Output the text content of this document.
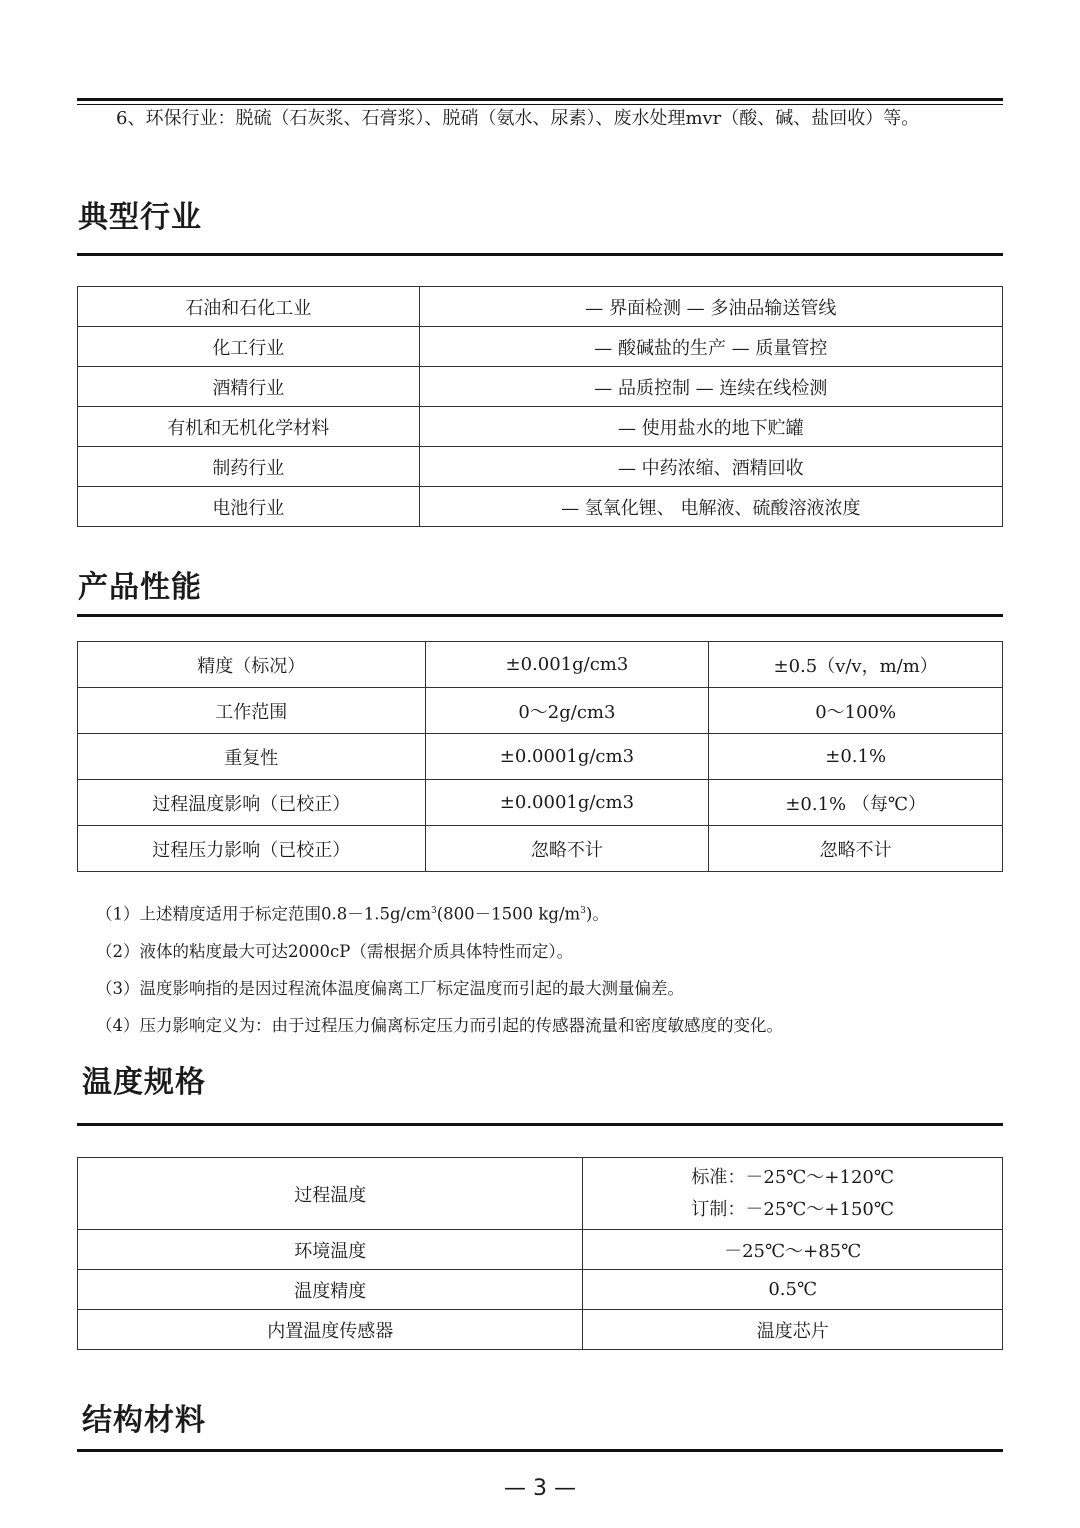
6、环保行业：脱硫（石灰浆、石膏浆）、脱硝（氨水、尿素）、废水处理mvr（酸、碱、盐回收）等。
典型行业
石油和石化工业	— 界面检测 — 多油品输送管线
化工行业	— 酸碱盐的生产 — 质量管控
酒精行业	— 品质控制 — 连续在线检测
有机和无机化学材料	— 使用盐水的地下贮罐
制药行业	— 中药浓缩、酒精回收
电池行业	— 氢氧化锂、 电解液、硫酸溶液浓度
产品性能
精度（标况）	±0.001g/cm3	±0.5（v/v，m/m）
工作范围	0～2g/cm3	0～100%
重复性	±0.0001g/cm3	±0.1%
过程温度影响（已校正）	±0.0001g/cm3	±0.1% （每℃）
过程压力影响（已校正）	忽略不计	忽略不计
（1）上述精度适用于标定范围$0.8-1.5g/cm^3(800-1500$ $kg/m^3$)。
（2）液体的粘度最大可达2000cP（需根据介质具体特性而定）。
（3）温度影响指的是因过程流体温度偏离工厂标定温度而引起的最大测量偏差。
（4）压力影响定义为：由于过程压力偏离标定压力而引起的传感器流量和密度敏感度的变化。
温度规格
过程温度	标准：－25℃～+120℃
订制：－25℃～+150℃

环境温度	－25℃～+85℃
温度精度	0.5℃
内置温度传感器	温度芯片
结构材料
— 3 —
